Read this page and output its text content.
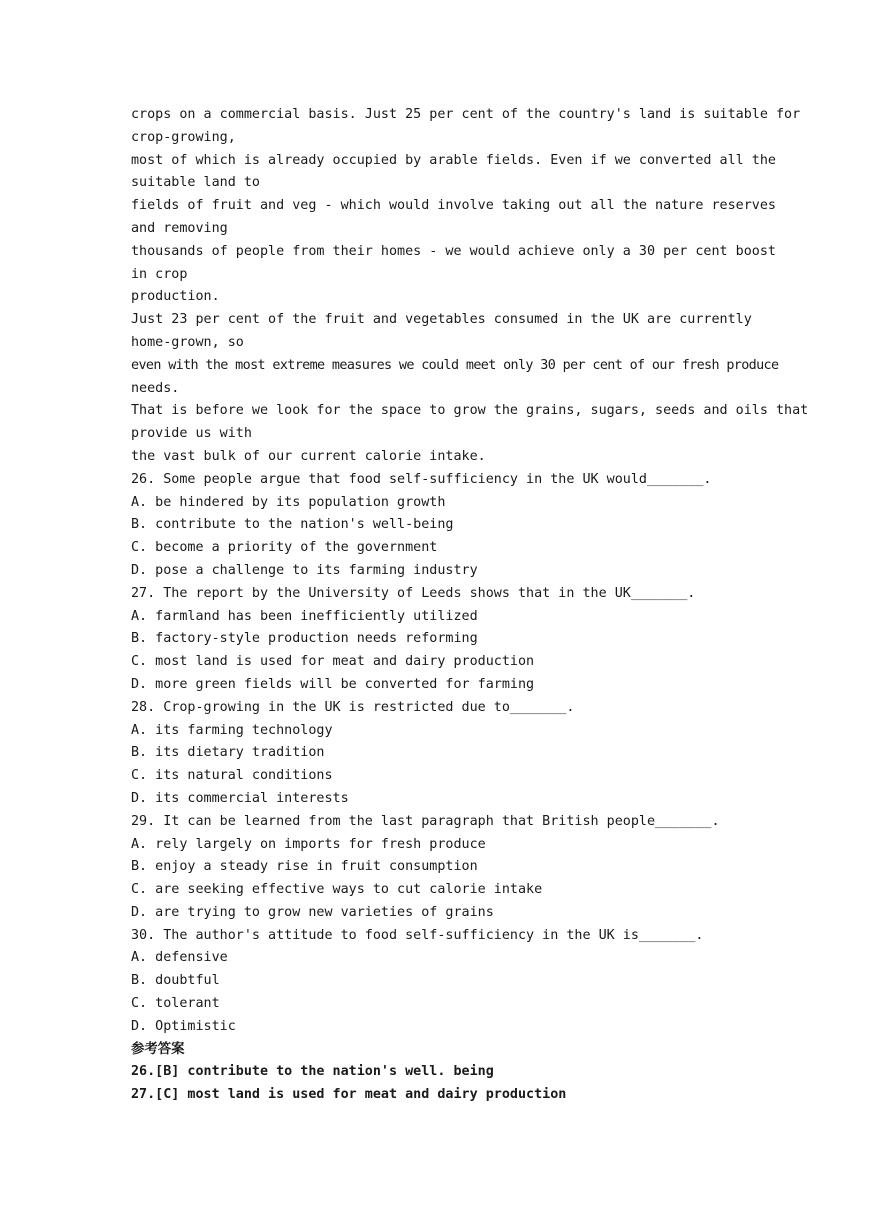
crops on a commercial basis. Just 25 per cent of the country's land is suitable for
crop-growing,
most of which is already occupied by arable fields. Even if we converted all the
suitable land to
fields of fruit and veg - which would involve taking out all the nature reserves
and removing
thousands of people from their homes - we would achieve only a 30 per cent boost
in crop
production.
Just 23 per cent of the fruit and vegetables consumed in the UK are currently
home-grown, so
even with the most extreme measures we could meet only 30 per cent of our fresh produce
needs.
That is before we look for the space to grow the grains, sugars, seeds and oils that
provide us with
the vast bulk of our current calorie intake.
26. Some people argue that food self-sufficiency in the UK would_______.
A. be hindered by its population growth
B. contribute to the nation's well-being
C. become a priority of the government
D. pose a challenge to its farming industry
27. The report by the University of Leeds shows that in the UK_______.
A. farmland has been inefficiently utilized
B. factory-style production needs reforming
C. most land is used for meat and dairy production
D. more green fields will be converted for farming
28. Crop-growing in the UK is restricted due to_______.
A. its farming technology
B. its dietary tradition
C. its natural conditions
D. its commercial interests
29. It can be learned from the last paragraph that British people_______.
A. rely largely on imports for fresh produce
B. enjoy a steady rise in fruit consumption
C. are seeking effective ways to cut calorie intake
D. are trying to grow new varieties of grains
30. The author's attitude to food self-sufficiency in the UK is_______.
A. defensive
B. doubtful
C. tolerant
D. Optimistic
参考答案
26.[B] contribute to the nation's well. being
27.[C] most land is used for meat and dairy production
